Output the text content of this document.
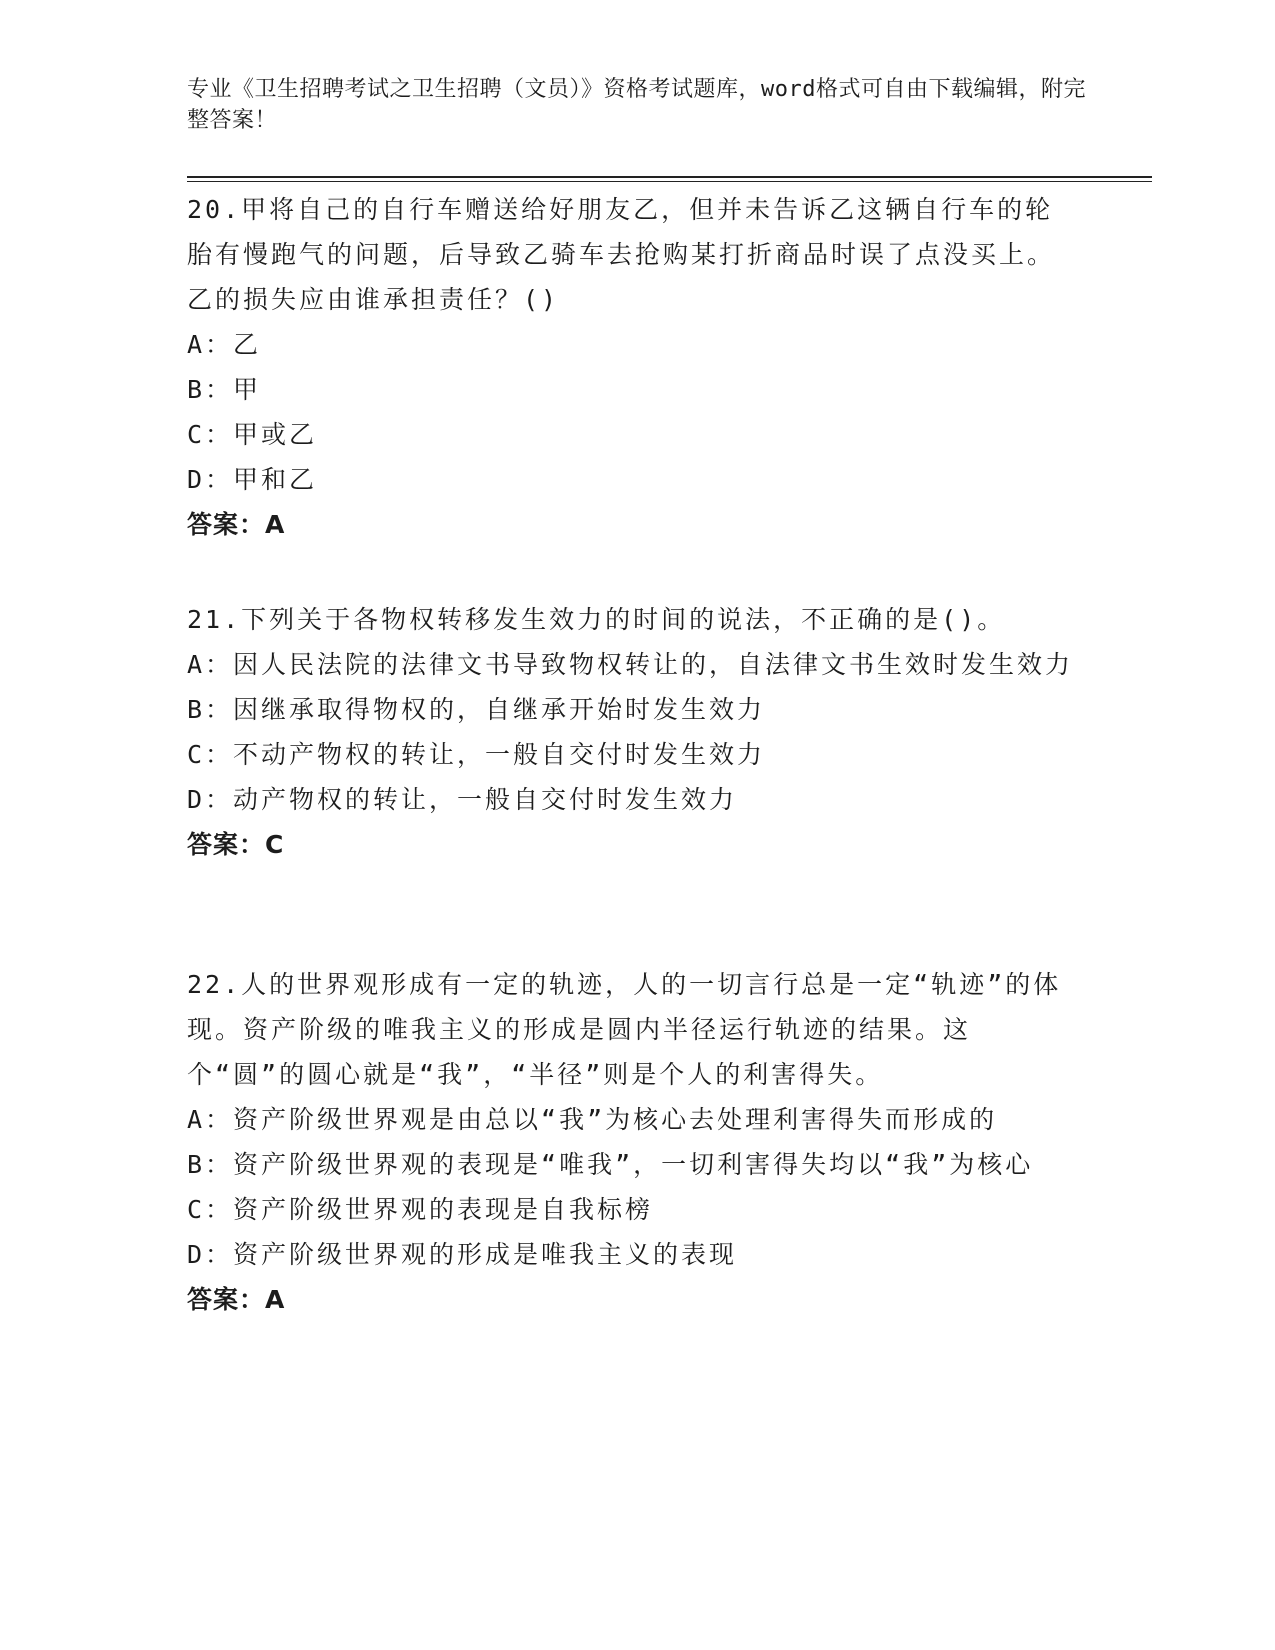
专业《卫生招聘考试之卫生招聘（文员）》资格考试题库，word格式可自由下载编辑，附完整答案！

20.甲将自己的自行车赠送给好朋友乙，但并未告诉乙这辆自行车的轮胎有慢跑气的问题，后导致乙骑车去抢购某打折商品时误了点没买上。乙的损失应由谁承担责任？()

A：乙

B：甲

C：甲或乙

D：甲和乙

答案：A

21.下列关于各物权转移发生效力的时间的说法，不正确的是()。

A：因人民法院的法律文书导致物权转让的，自法律文书生效时发生效力

B：因继承取得物权的，自继承开始时发生效力

C：不动产物权的转让，一般自交付时发生效力

D：动产物权的转让，一般自交付时发生效力

答案：C

22.人的世界观形成有一定的轨迹，人的一切言行总是一定“轨迹”的体现。资产阶级的唯我主义的形成是圆内半径运行轨迹的结果。这个“圆”的圆心就是“我”，“半径”则是个人的利害得失。

A：资产阶级世界观是由总以“我”为核心去处理利害得失而形成的

B：资产阶级世界观的表现是“唯我”，一切利害得失均以“我”为核心

C：资产阶级世界观的表现是自我标榜

D：资产阶级世界观的形成是唯我主义的表现

答案：A
